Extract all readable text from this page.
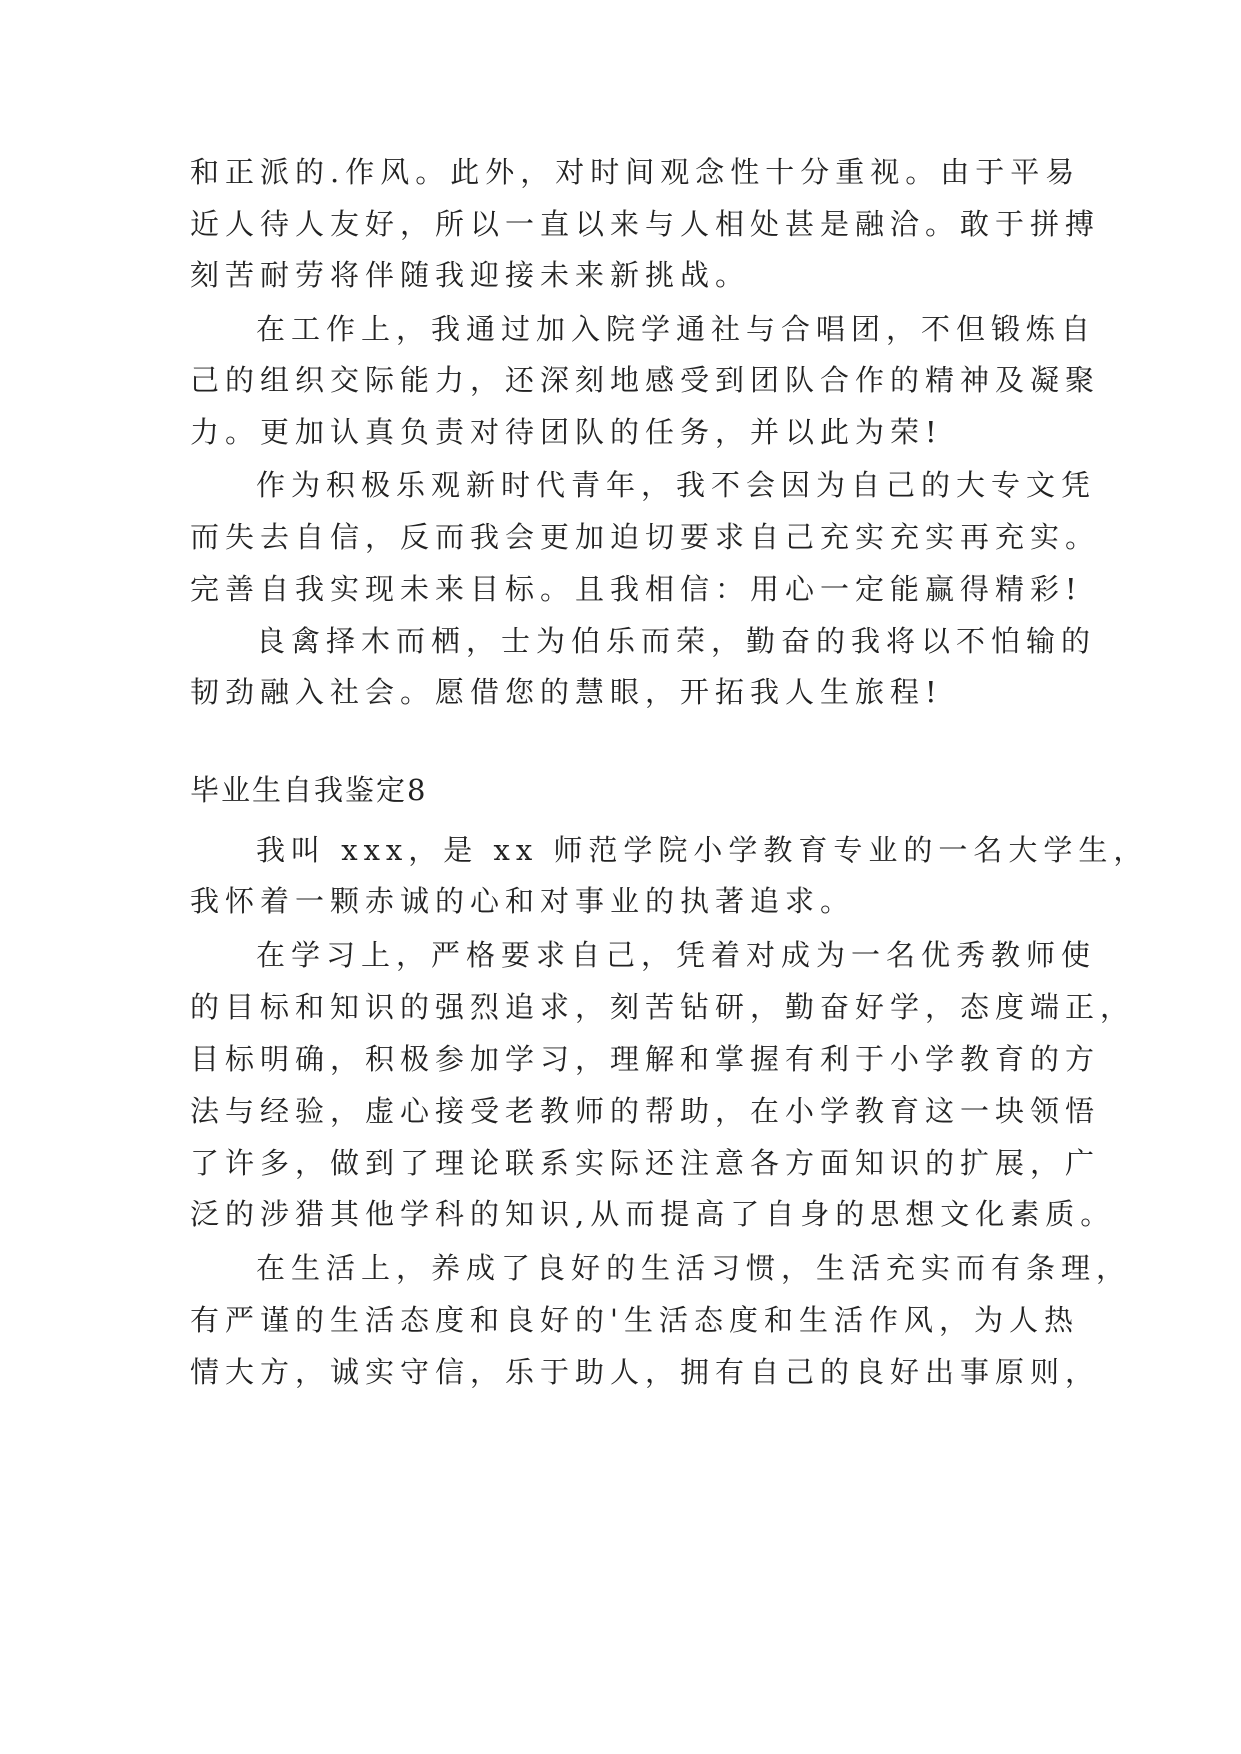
和正派的.作风。此外，对时间观念性十分重视。由于平易
近人待人友好，所以一直以来与人相处甚是融洽。敢于拼搏
刻苦耐劳将伴随我迎接未来新挑战。
在工作上，我通过加入院学通社与合唱团，不但锻炼自
己的组织交际能力，还深刻地感受到团队合作的精神及凝聚
力。更加认真负责对待团队的任务，并以此为荣!
作为积极乐观新时代青年，我不会因为自己的大专文凭
而失去自信，反而我会更加迫切要求自己充实充实再充实。
完善自我实现未来目标。且我相信：用心一定能赢得精彩!
良禽择木而栖，士为伯乐而荣，勤奋的我将以不怕输的
韧劲融入社会。愿借您的慧眼，开拓我人生旅程!
毕业生自我鉴定8
我叫 xxx，是 xx 师范学院小学教育专业的一名大学生，
我怀着一颗赤诚的心和对事业的执著追求。
在学习上，严格要求自己，凭着对成为一名优秀教师使
的目标和知识的强烈追求，刻苦钻研，勤奋好学，态度端正，
目标明确，积极参加学习，理解和掌握有利于小学教育的方
法与经验，虚心接受老教师的帮助，在小学教育这一块领悟
了许多，做到了理论联系实际还注意各方面知识的扩展，广
泛的涉猎其他学科的知识,从而提高了自身的思想文化素质。
在生活上，养成了良好的生活习惯，生活充实而有条理，
有严谨的生活态度和良好的'生活态度和生活作风，为人热
情大方，诚实守信，乐于助人，拥有自己的良好出事原则，
